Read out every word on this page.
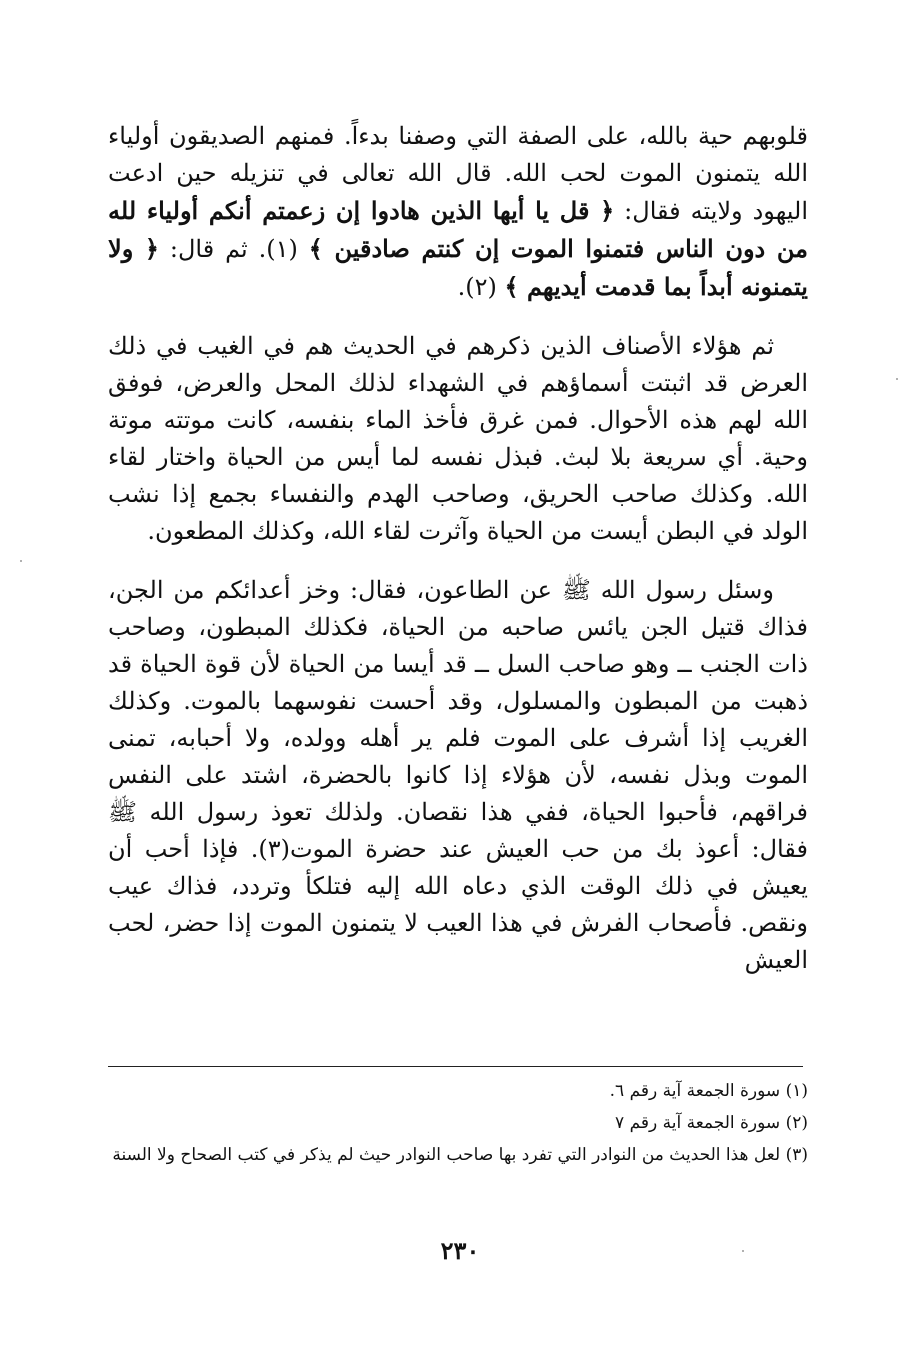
قلوبهم حية بالله، على الصفة التي وصفنا بدءاً. فمنهم الصديقون أولياء الله يتمنون الموت لحب الله. قال الله تعالى في تنزيله حين ادعت اليهود ولايته فقال: ﴿ قل يا أيها الذين هادوا إن زعمتم أنكم أولياء لله من دون الناس فتمنوا الموت إن كنتم صادقين ﴾ (١). ثم قال: ﴿ ولا يتمنونه أبداً بما قدمت أيديهم ﴾ (٢).

ثم هؤلاء الأصناف الذين ذكرهم في الحديث هم في الغيب في ذلك العرض قد اثبتت أسماؤهم في الشهداء لذلك المحل والعرض، فوفق الله لهم هذه الأحوال. فمن غرق فأخذ الماء بنفسه، كانت موتته موتة وحية. أي سريعة بلا لبث. فبذل نفسه لما أيس من الحياة واختار لقاء الله. وكذلك صاحب الحريق، وصاحب الهدم والنفساء بجمع إذا نشب الولد في البطن أيست من الحياة وآثرت لقاء الله، وكذلك المطعون.

وسئل رسول الله ﷺ عن الطاعون، فقال: وخز أعدائكم من الجن، فذاك قتيل الجن يائس صاحبه من الحياة، فكذلك المبطون، وصاحب ذات الجنب ــ وهو صاحب السل ــ قد أيسا من الحياة لأن قوة الحياة قد ذهبت من المبطون والمسلول، وقد أحست نفوسهما بالموت. وكذلك الغريب إذا أشرف على الموت فلم ير أهله وولده، ولا أحبابه، تمنى الموت وبذل نفسه، لأن هؤلاء إذا كانوا بالحضرة، اشتد على النفس فراقهم، فأحبوا الحياة، ففي هذا نقصان. ولذلك تعوذ رسول الله ﷺ فقال: أعوذ بك من حب العيش عند حضرة الموت(٣). فإذا أحب أن يعيش في ذلك الوقت الذي دعاه الله إليه فتلكأ وتردد، فذاك عيب ونقص. فأصحاب الفرش في هذا العيب لا يتمنون الموت إذا حضر، لحب العيش

(١) سورة الجمعة آية رقم ٦.
(٢) سورة الجمعة آية رقم ٧
(٣) لعل هذا الحديث من النوادر التي تفرد بها صاحب النوادر حيث لم يذكر في كتب الصحاح ولا السنة
٢٣٠
